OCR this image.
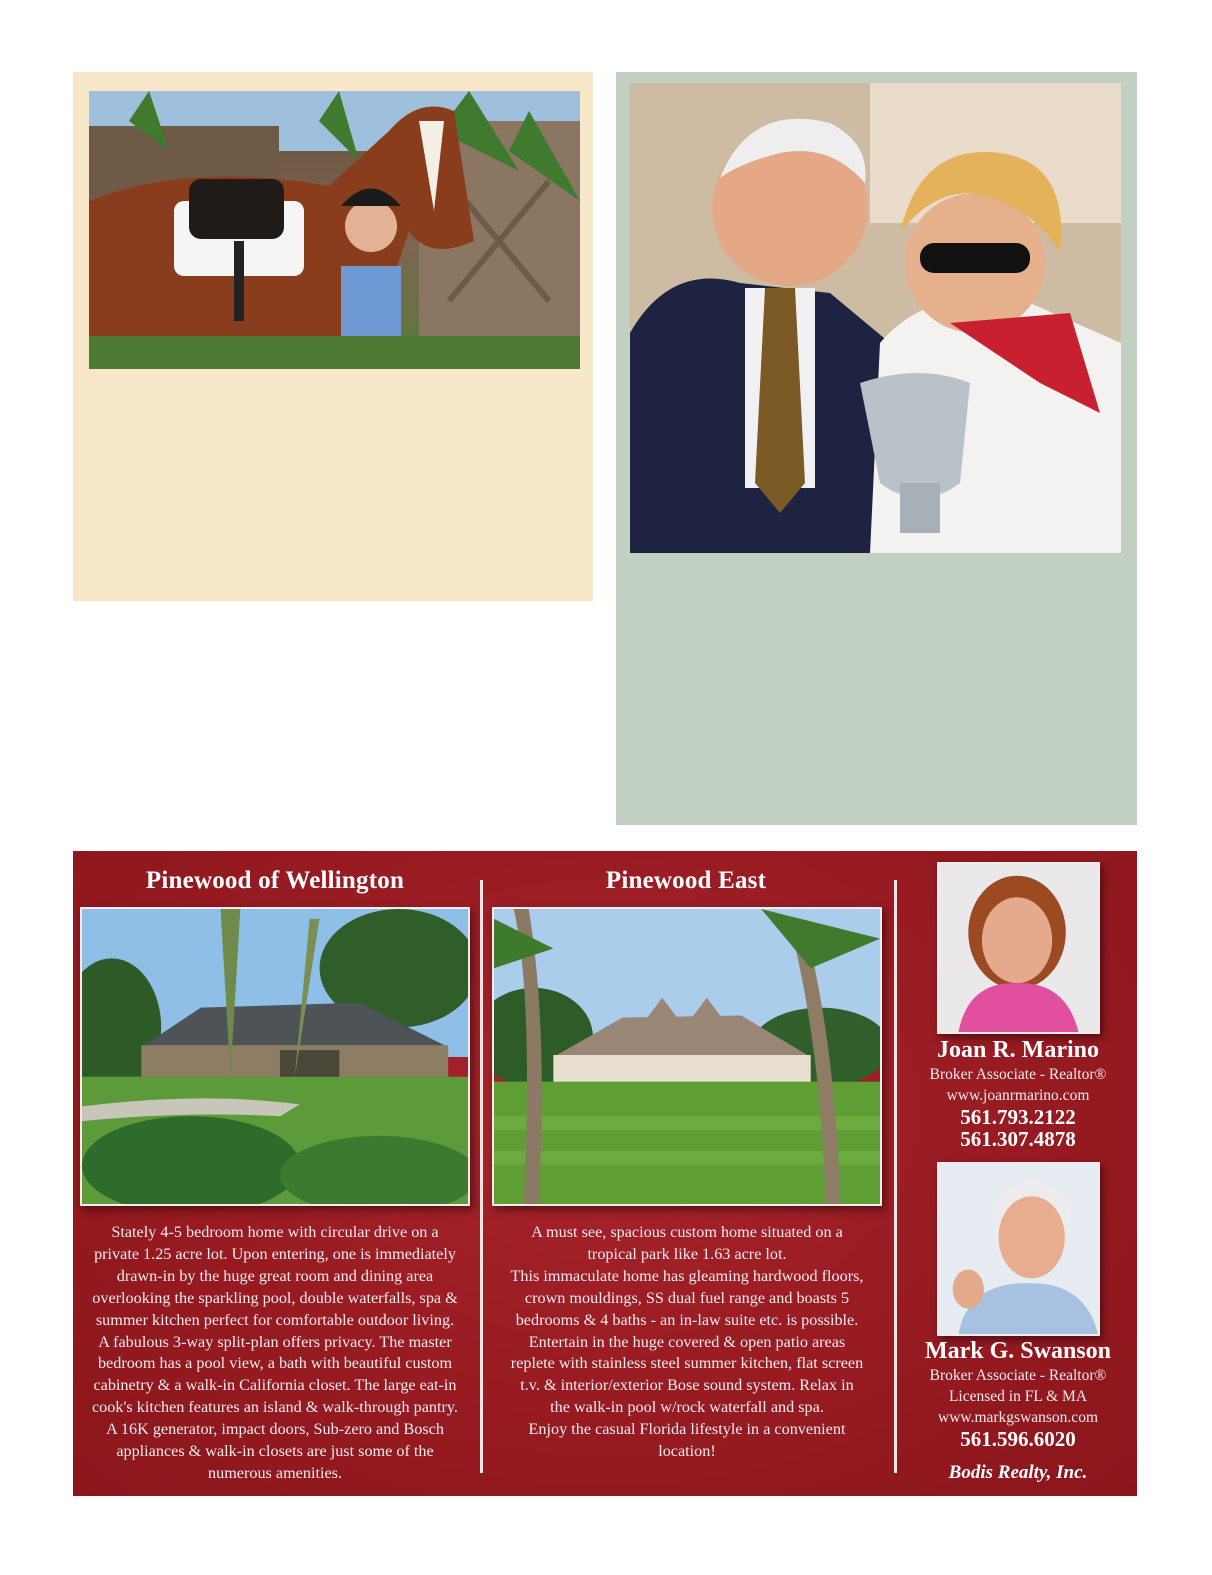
Pinewood of Wellington
Stately 4-5 bedroom home with circular drive on a
private 1.25 acre lot. Upon entering, one is immediately
drawn-in by the huge great room and dining area
overlooking the sparkling pool, double waterfalls, spa &
summer kitchen perfect for comfortable outdoor living.
A fabulous 3-way split-plan offers privacy. The master
bedroom has a pool view, a bath with beautiful custom
cabinetry & a walk-in California closet. The large eat-in
cook's kitchen features an island & walk-through pantry.
A 16K generator, impact doors, Sub-zero and Bosch
appliances & walk-in closets are just some of the
numerous amenities.
Pinewood East
A must see, spacious custom home situated on a
tropical park like 1.63 acre lot.
This immaculate home has gleaming hardwood floors,
crown mouldings, SS dual fuel range and boasts 5
bedrooms & 4 baths - an in-law suite etc. is possible.
Entertain in the huge covered & open patio areas
replete with stainless steel summer kitchen, flat screen
t.v. & interior/exterior Bose sound system. Relax in
the walk-in pool w/rock waterfall and spa.
Enjoy the casual Florida lifestyle in a convenient
location!
Joan R. Marino
Broker Associate - Realtor®
www.joanrmarino.com
561.793.2122
561.307.4878
Mark G. Swanson
Broker Associate - Realtor®
Licensed in FL & MA
www.markgswanson.com
561.596.6020
Bodis Realty, Inc.
